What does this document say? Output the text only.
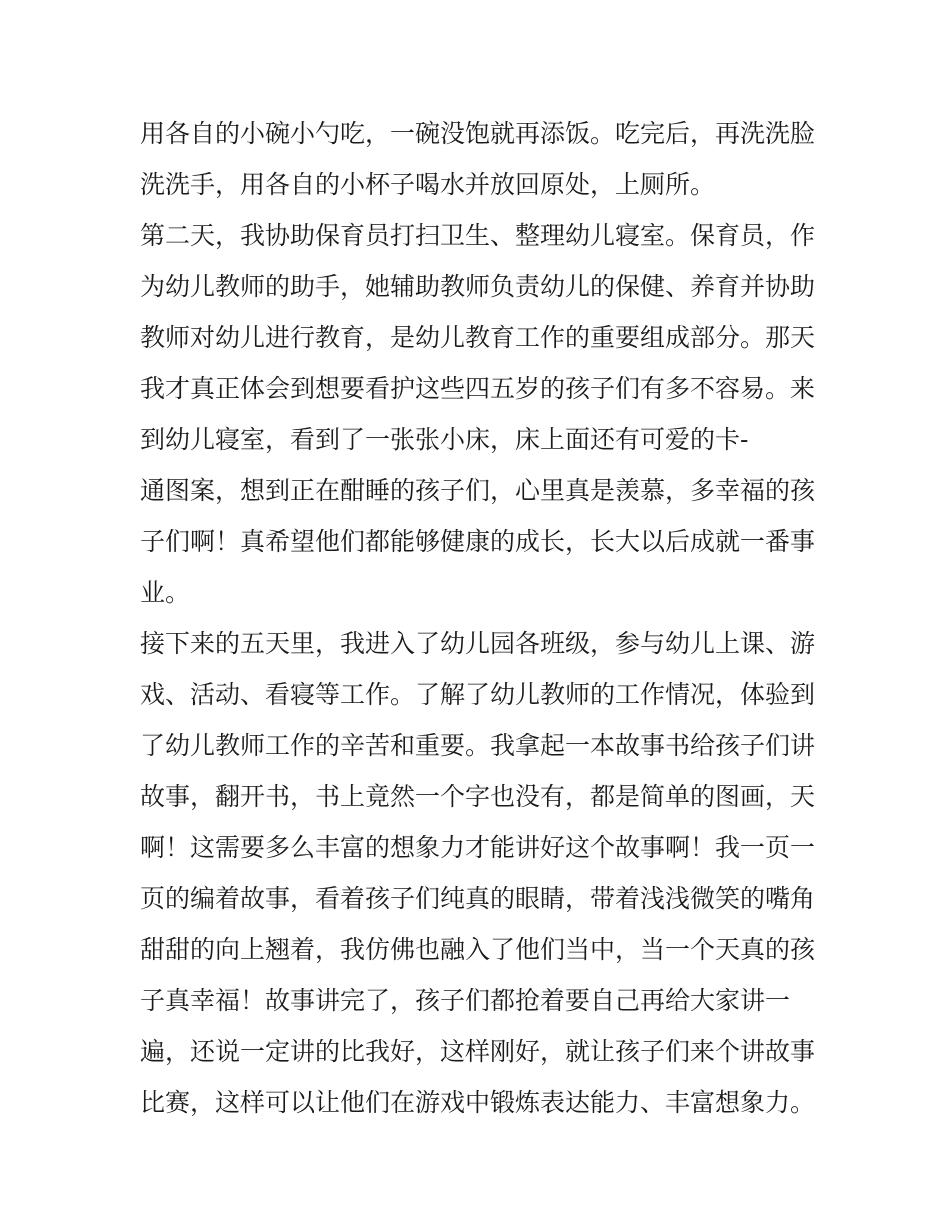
用各自的小碗小勺吃，一碗没饱就再添饭。吃完后，再洗洗脸
洗洗手，用各自的小杯子喝水并放回原处，上厕所。
第二天，我协助保育员打扫卫生、整理幼儿寝室。保育员，作
为幼儿教师的助手，她辅助教师负责幼儿的保健、养育并协助
教师对幼儿进行教育，是幼儿教育工作的重要组成部分。那天
我才真正体会到想要看护这些四五岁的孩子们有多不容易。来
到幼儿寝室，看到了一张张小床，床上面还有可爱的卡-
通图案，想到正在酣睡的孩子们，心里真是羡慕，多幸福的孩
子们啊！真希望他们都能够健康的成长，长大以后成就一番事
业。
接下来的五天里，我进入了幼儿园各班级，参与幼儿上课、游
戏、活动、看寝等工作。了解了幼儿教师的工作情况，体验到
了幼儿教师工作的辛苦和重要。我拿起一本故事书给孩子们讲
故事，翻开书，书上竟然一个字也没有，都是简单的图画，天
啊！这需要多么丰富的想象力才能讲好这个故事啊！我一页一
页的编着故事，看着孩子们纯真的眼睛，带着浅浅微笑的嘴角
甜甜的向上翘着，我仿佛也融入了他们当中，当一个天真的孩
子真幸福！故事讲完了，孩子们都抢着要自己再给大家讲一
遍，还说一定讲的比我好，这样刚好，就让孩子们来个讲故事
比赛，这样可以让他们在游戏中锻炼表达能力、丰富想象力。
